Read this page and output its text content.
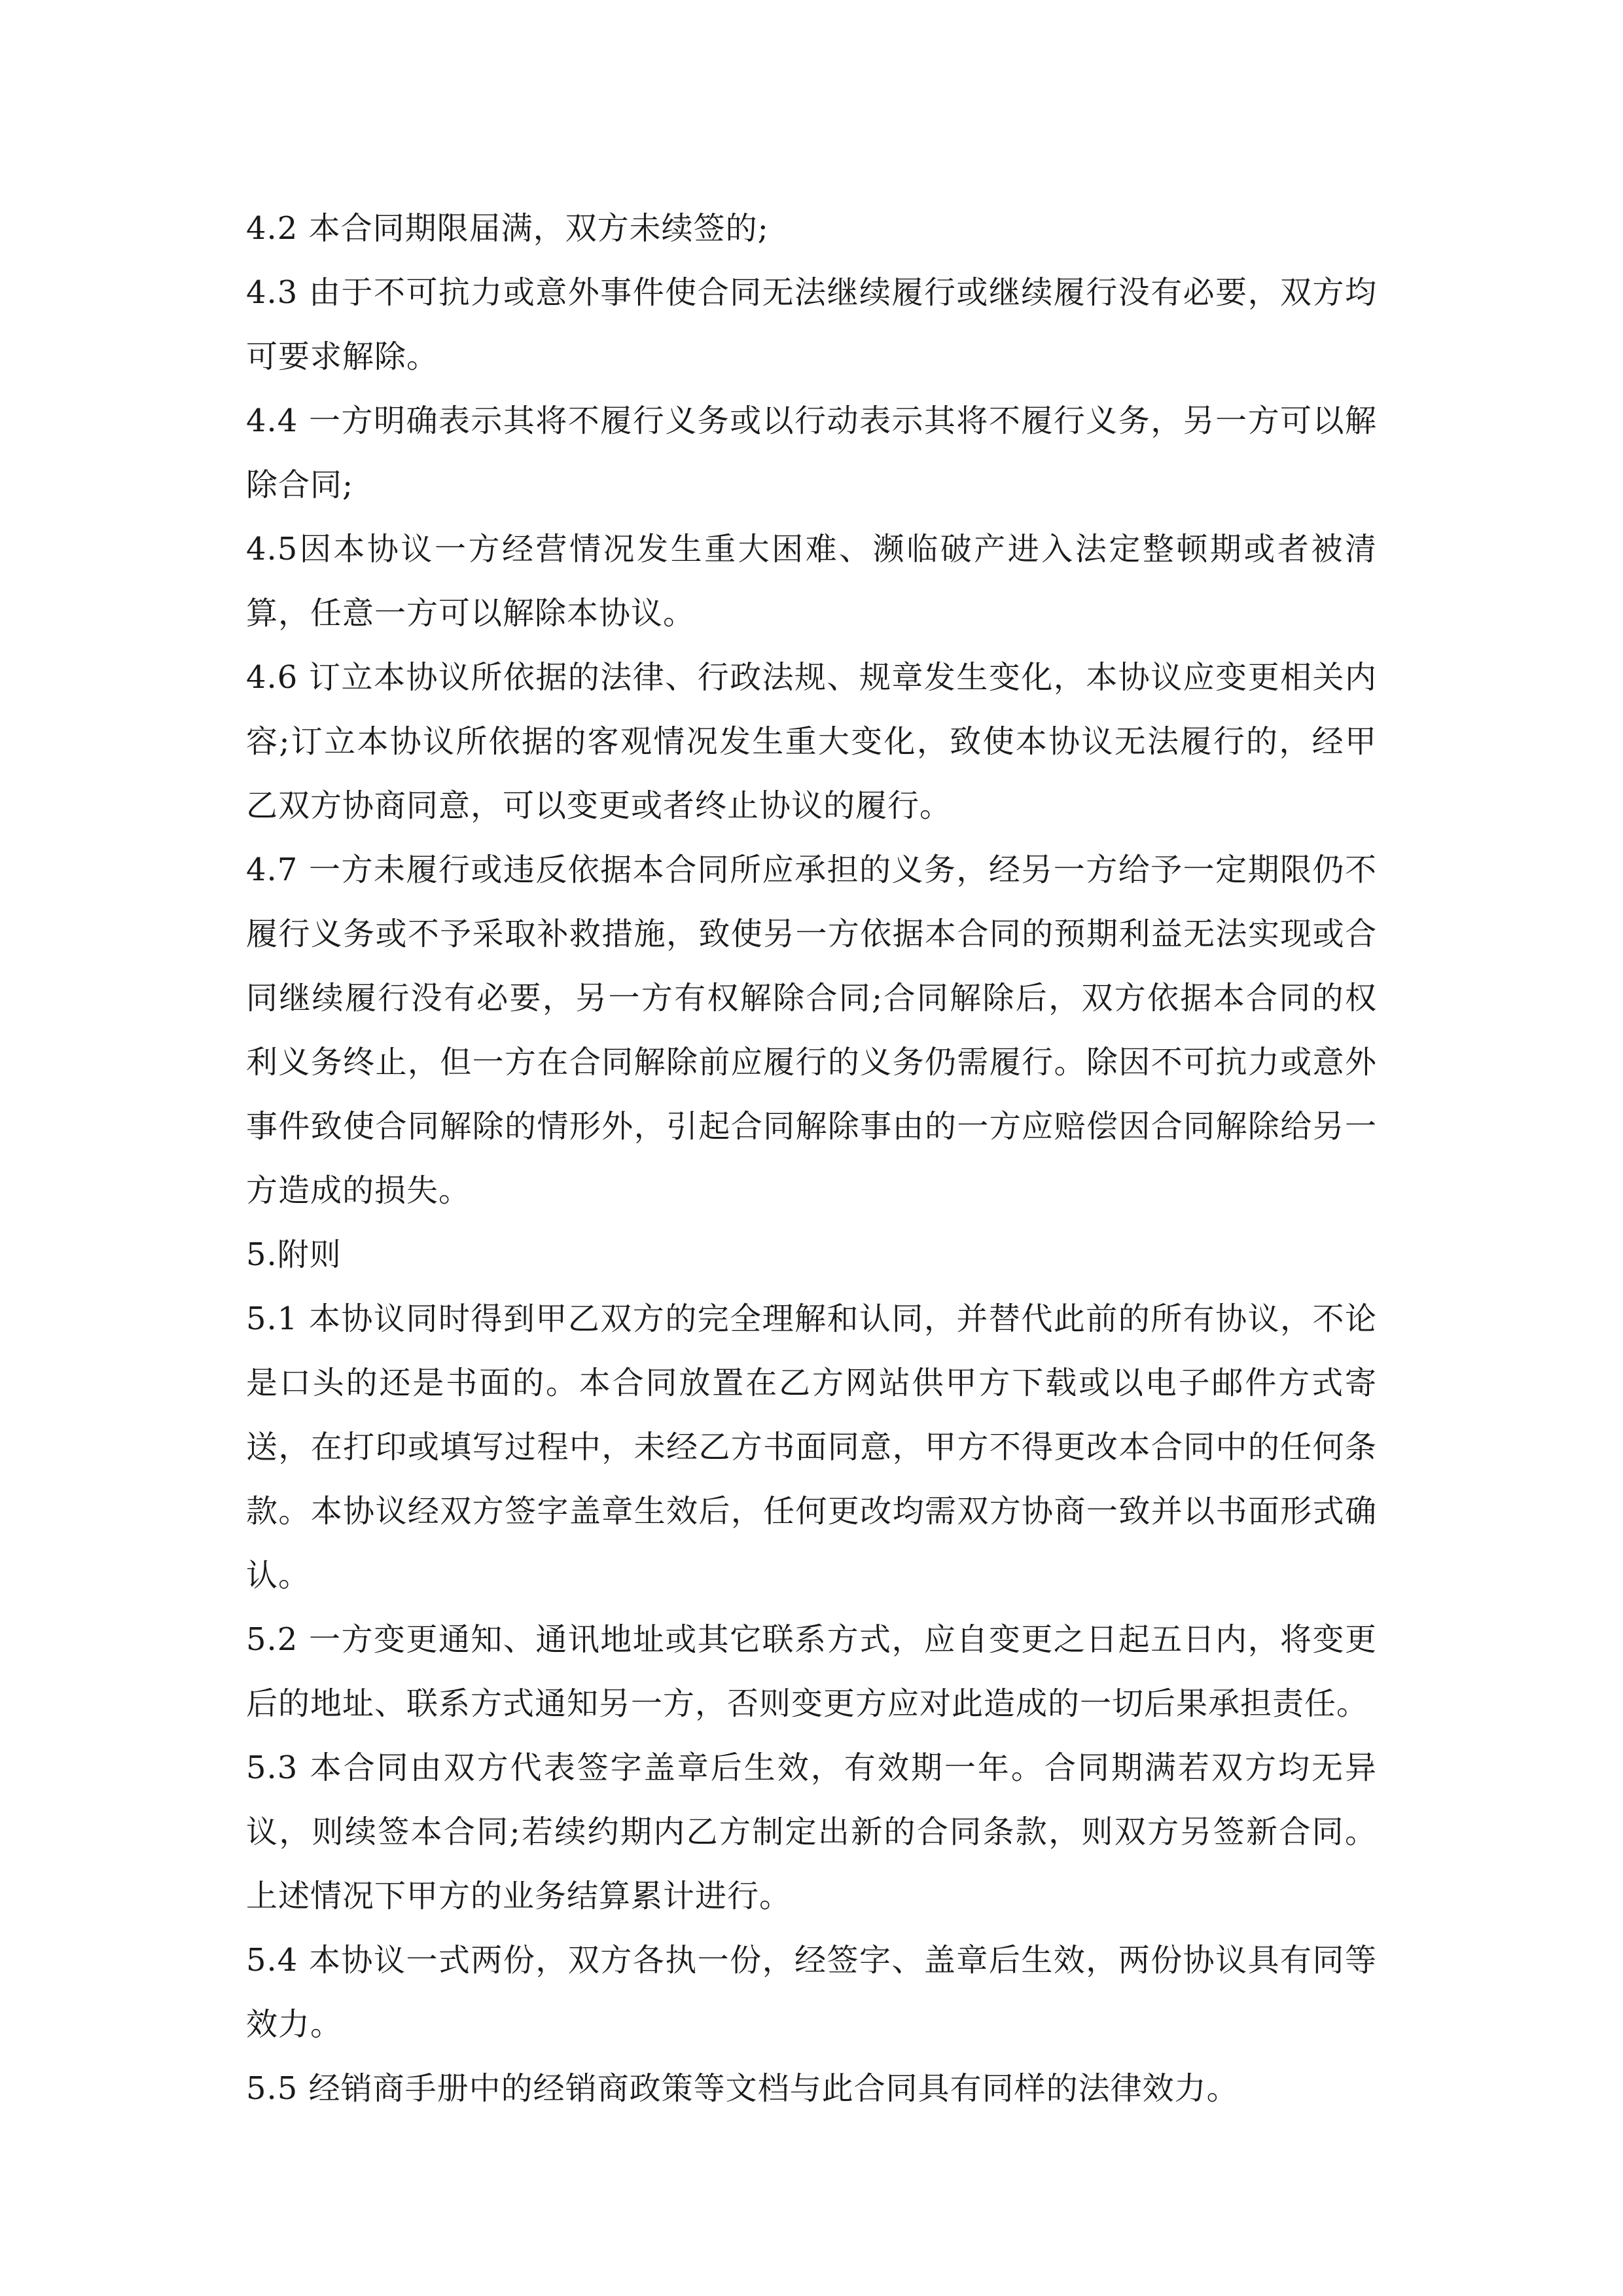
4.2 本合同期限届满，双方未续签的;

4.3 由于不可抗力或意外事件使合同无法继续履行或继续履行没有必要，双方均可要求解除。

4.4 一方明确表示其将不履行义务或以行动表示其将不履行义务，另一方可以解除合同;

4.5因本协议一方经营情况发生重大困难、濒临破产进入法定整顿期或者被清算，任意一方可以解除本协议。

4.6 订立本协议所依据的法律、行政法规、规章发生变化，本协议应变更相关内容;订立本协议所依据的客观情况发生重大变化，致使本协议无法履行的，经甲乙双方协商同意，可以变更或者终止协议的履行。

4.7 一方未履行或违反依据本合同所应承担的义务，经另一方给予一定期限仍不履行义务或不予采取补救措施，致使另一方依据本合同的预期利益无法实现或合同继续履行没有必要，另一方有权解除合同;合同解除后，双方依据本合同的权利义务终止，但一方在合同解除前应履行的义务仍需履行。除因不可抗力或意外事件致使合同解除的情形外，引起合同解除事由的一方应赔偿因合同解除给另一方造成的损失。

5.附则

5.1 本协议同时得到甲乙双方的完全理解和认同，并替代此前的所有协议，不论是口头的还是书面的。本合同放置在乙方网站供甲方下载或以电子邮件方式寄送，在打印或填写过程中，未经乙方书面同意，甲方不得更改本合同中的任何条款。本协议经双方签字盖章生效后，任何更改均需双方协商一致并以书面形式确认。

5.2 一方变更通知、通讯地址或其它联系方式，应自变更之日起五日内，将变更后的地址、联系方式通知另一方，否则变更方应对此造成的一切后果承担责任。

5.3 本合同由双方代表签字盖章后生效，有效期一年。合同期满若双方均无异议，则续签本合同;若续约期内乙方制定出新的合同条款，则双方另签新合同。上述情况下甲方的业务结算累计进行。

5.4 本协议一式两份，双方各执一份，经签字、盖章后生效，两份协议具有同等效力。

5.5 经销商手册中的经销商政策等文档与此合同具有同样的法律效力。
